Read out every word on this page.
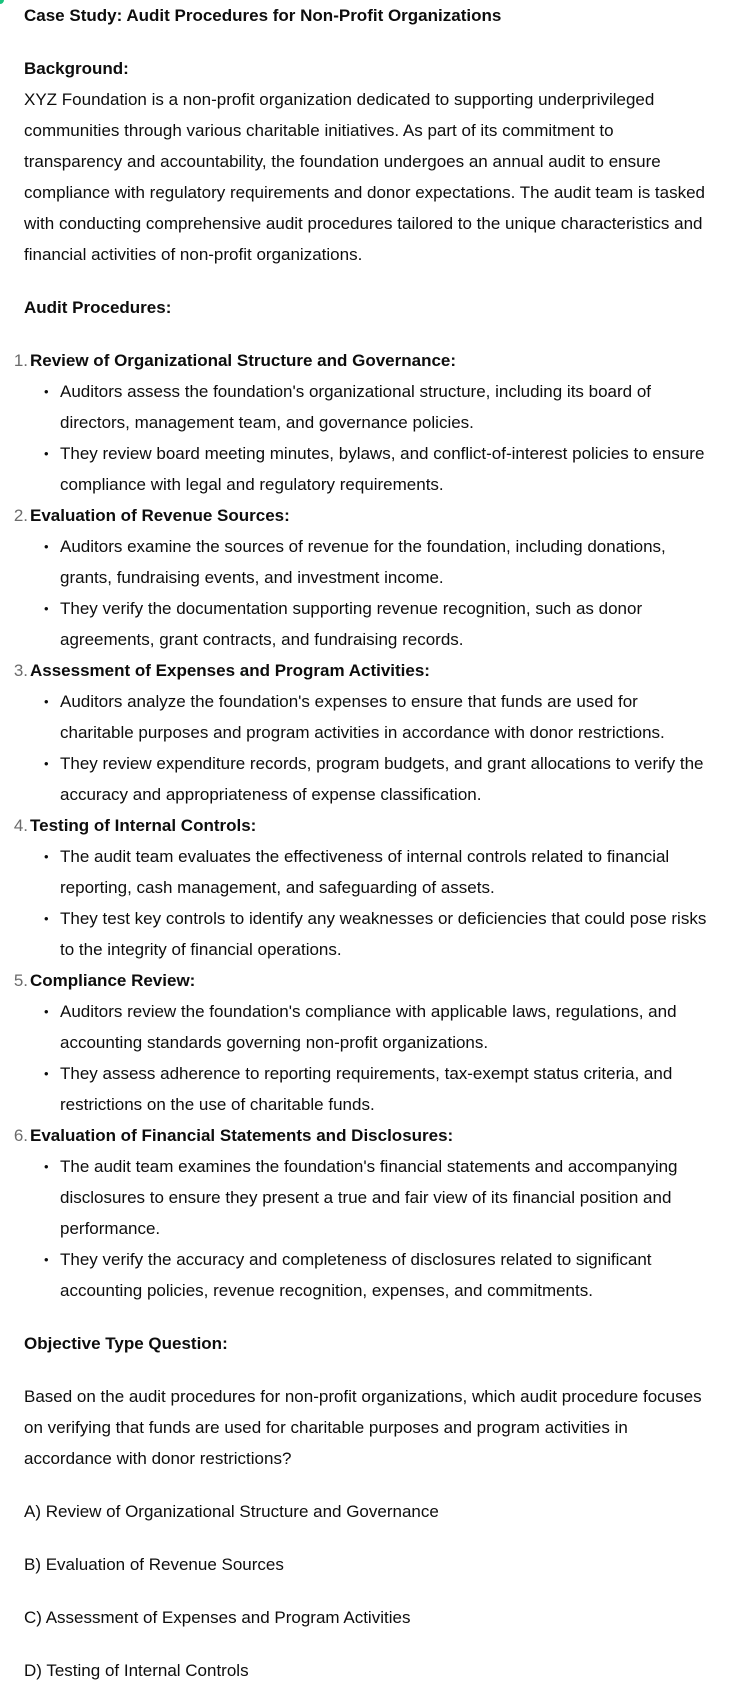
Case Study: Audit Procedures for Non-Profit Organizations

Background:

XYZ Foundation is a non-profit organization dedicated to supporting underprivileged communities through various charitable initiatives. As part of its commitment to transparency and accountability, the foundation undergoes an annual audit to ensure compliance with regulatory requirements and donor expectations. The audit team is tasked with conducting comprehensive audit procedures tailored to the unique characteristics and financial activities of non-profit organizations.

Audit Procedures:

1. Review of Organizational Structure and Governance:
• Auditors assess the foundation's organizational structure, including its board of directors, management team, and governance policies.
• They review board meeting minutes, bylaws, and conflict-of-interest policies to ensure compliance with legal and regulatory requirements.
2. Evaluation of Revenue Sources:
• Auditors examine the sources of revenue for the foundation, including donations, grants, fundraising events, and investment income.
• They verify the documentation supporting revenue recognition, such as donor agreements, grant contracts, and fundraising records.
3. Assessment of Expenses and Program Activities:
• Auditors analyze the foundation's expenses to ensure that funds are used for charitable purposes and program activities in accordance with donor restrictions.
• They review expenditure records, program budgets, and grant allocations to verify the accuracy and appropriateness of expense classification.
4. Testing of Internal Controls:
• The audit team evaluates the effectiveness of internal controls related to financial reporting, cash management, and safeguarding of assets.
• They test key controls to identify any weaknesses or deficiencies that could pose risks to the integrity of financial operations.
5. Compliance Review:
• Auditors review the foundation's compliance with applicable laws, regulations, and accounting standards governing non-profit organizations.
• They assess adherence to reporting requirements, tax-exempt status criteria, and restrictions on the use of charitable funds.
6. Evaluation of Financial Statements and Disclosures:
• The audit team examines the foundation's financial statements and accompanying disclosures to ensure they present a true and fair view of its financial position and performance.
• They verify the accuracy and completeness of disclosures related to significant accounting policies, revenue recognition, expenses, and commitments.

Objective Type Question:

Based on the audit procedures for non-profit organizations, which audit procedure focuses on verifying that funds are used for charitable purposes and program activities in accordance with donor restrictions?

A) Review of Organizational Structure and Governance

B) Evaluation of Revenue Sources

C) Assessment of Expenses and Program Activities

D) Testing of Internal Controls
